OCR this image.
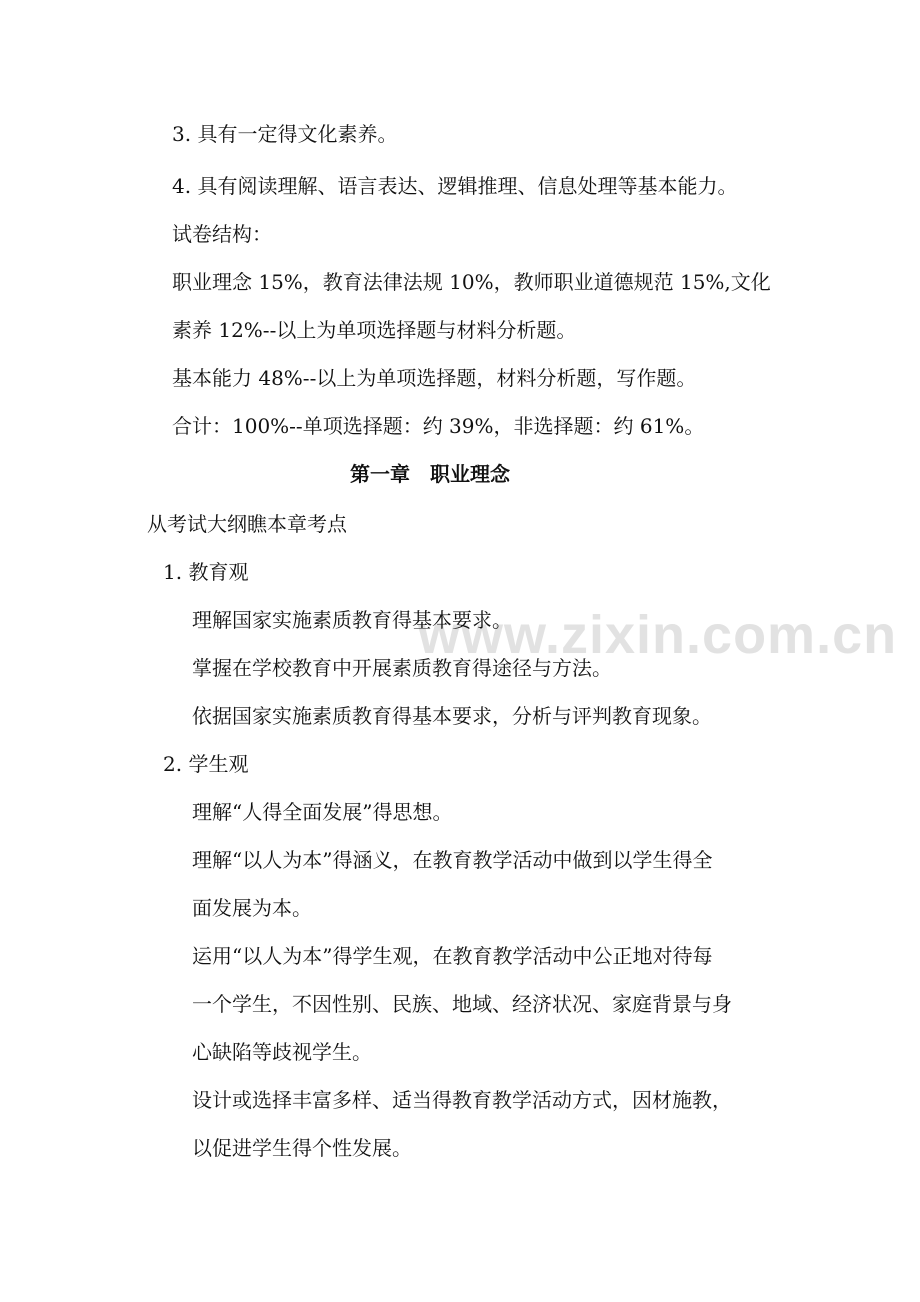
www.zixin.com.cn
3. 具有一定得文化素养。
4. 具有阅读理解、语言表达、逻辑推理、信息处理等基本能力。
试卷结构：
职业理念 15%，教育法律法规 10%，教师职业道德规范 15%,文化
素养 12%--以上为单项选择题与材料分析题。
基本能力 48%--以上为单项选择题，材料分析题，写作题。
合计：100%--单项选择题：约 39%，非选择题：约 61%。
第一章　职业理念
从考试大纲瞧本章考点
1. 教育观
理解国家实施素质教育得基本要求。
掌握在学校教育中开展素质教育得途径与方法。
依据国家实施素质教育得基本要求，分析与评判教育现象。
2. 学生观
理解“人得全面发展”得思想。
理解“以人为本”得涵义，在教育教学活动中做到以学生得全
面发展为本。
运用“以人为本”得学生观，在教育教学活动中公正地对待每
一个学生，不因性别、民族、地域、经济状况、家庭背景与身
心缺陷等歧视学生。
设计或选择丰富多样、适当得教育教学活动方式，因材施教，
以促进学生得个性发展。
